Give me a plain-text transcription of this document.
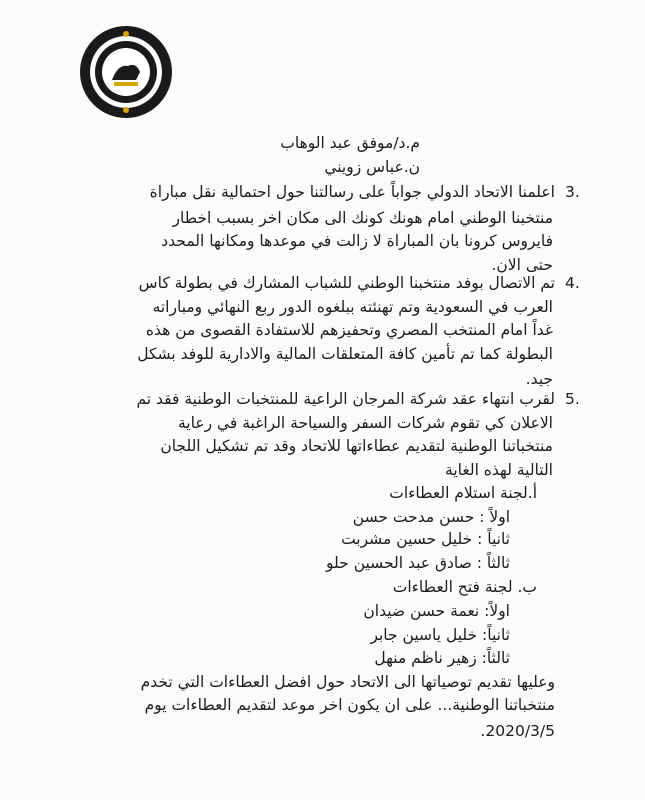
م.د/موفق عبد الوهاب
ن.عباس زويني
3.
اعلمنا الاتحاد الدولي جواباً على رسالتنا حول احتمالية نقل مباراة
منتخبنا الوطني امام هونك كونك الى مكان اخر بسبب اخطار
فايروس كرونا بان المباراة لا زالت في موعدها ومكانها المحدد
حتى الان.
4.
تم الاتصال بوفد منتخبنا الوطني للشباب المشارك في بطولة كاس
العرب في السعودية وتم تهنئته ببلغوه الدور ربع النهائي ومباراته
غداً امام المنتخب المصري وتحفيزهم للاستفادة القصوى من هذه
البطولة كما تم تأمين كافة المتعلقات المالية والادارية للوفد بشكل
جيد.
5.
لقرب انتهاء عقد شركة المرجان الراعية للمنتخبات الوطنية فقد تم
الاعلان كي تقوم شركات السفر والسياحة الراغبة في رعاية
منتخباتنا الوطنية لتقديم عطاءاتها للاتحاد وقد تم تشكيل اللجان
التالية لهذه الغاية
أ.لجنة استلام العطاءات
اولاً : حسن مدحت حسن
ثانياً : خليل حسين مشربت
ثالثاً : صادق عبد الحسين حلو
ب. لجنة فتح العطاءات
اولاً: نعمة حسن ضيدان
ثانياً: خليل ياسين جابر
ثالثاً: زهير ناظم منهل
وعليها تقديم توصياتها الى الاتحاد حول افضل العطاءات التي تخدم
منتخباتنا الوطنية... على ان يكون اخر موعد لتقديم العطاءات يوم
2020/3/5.
